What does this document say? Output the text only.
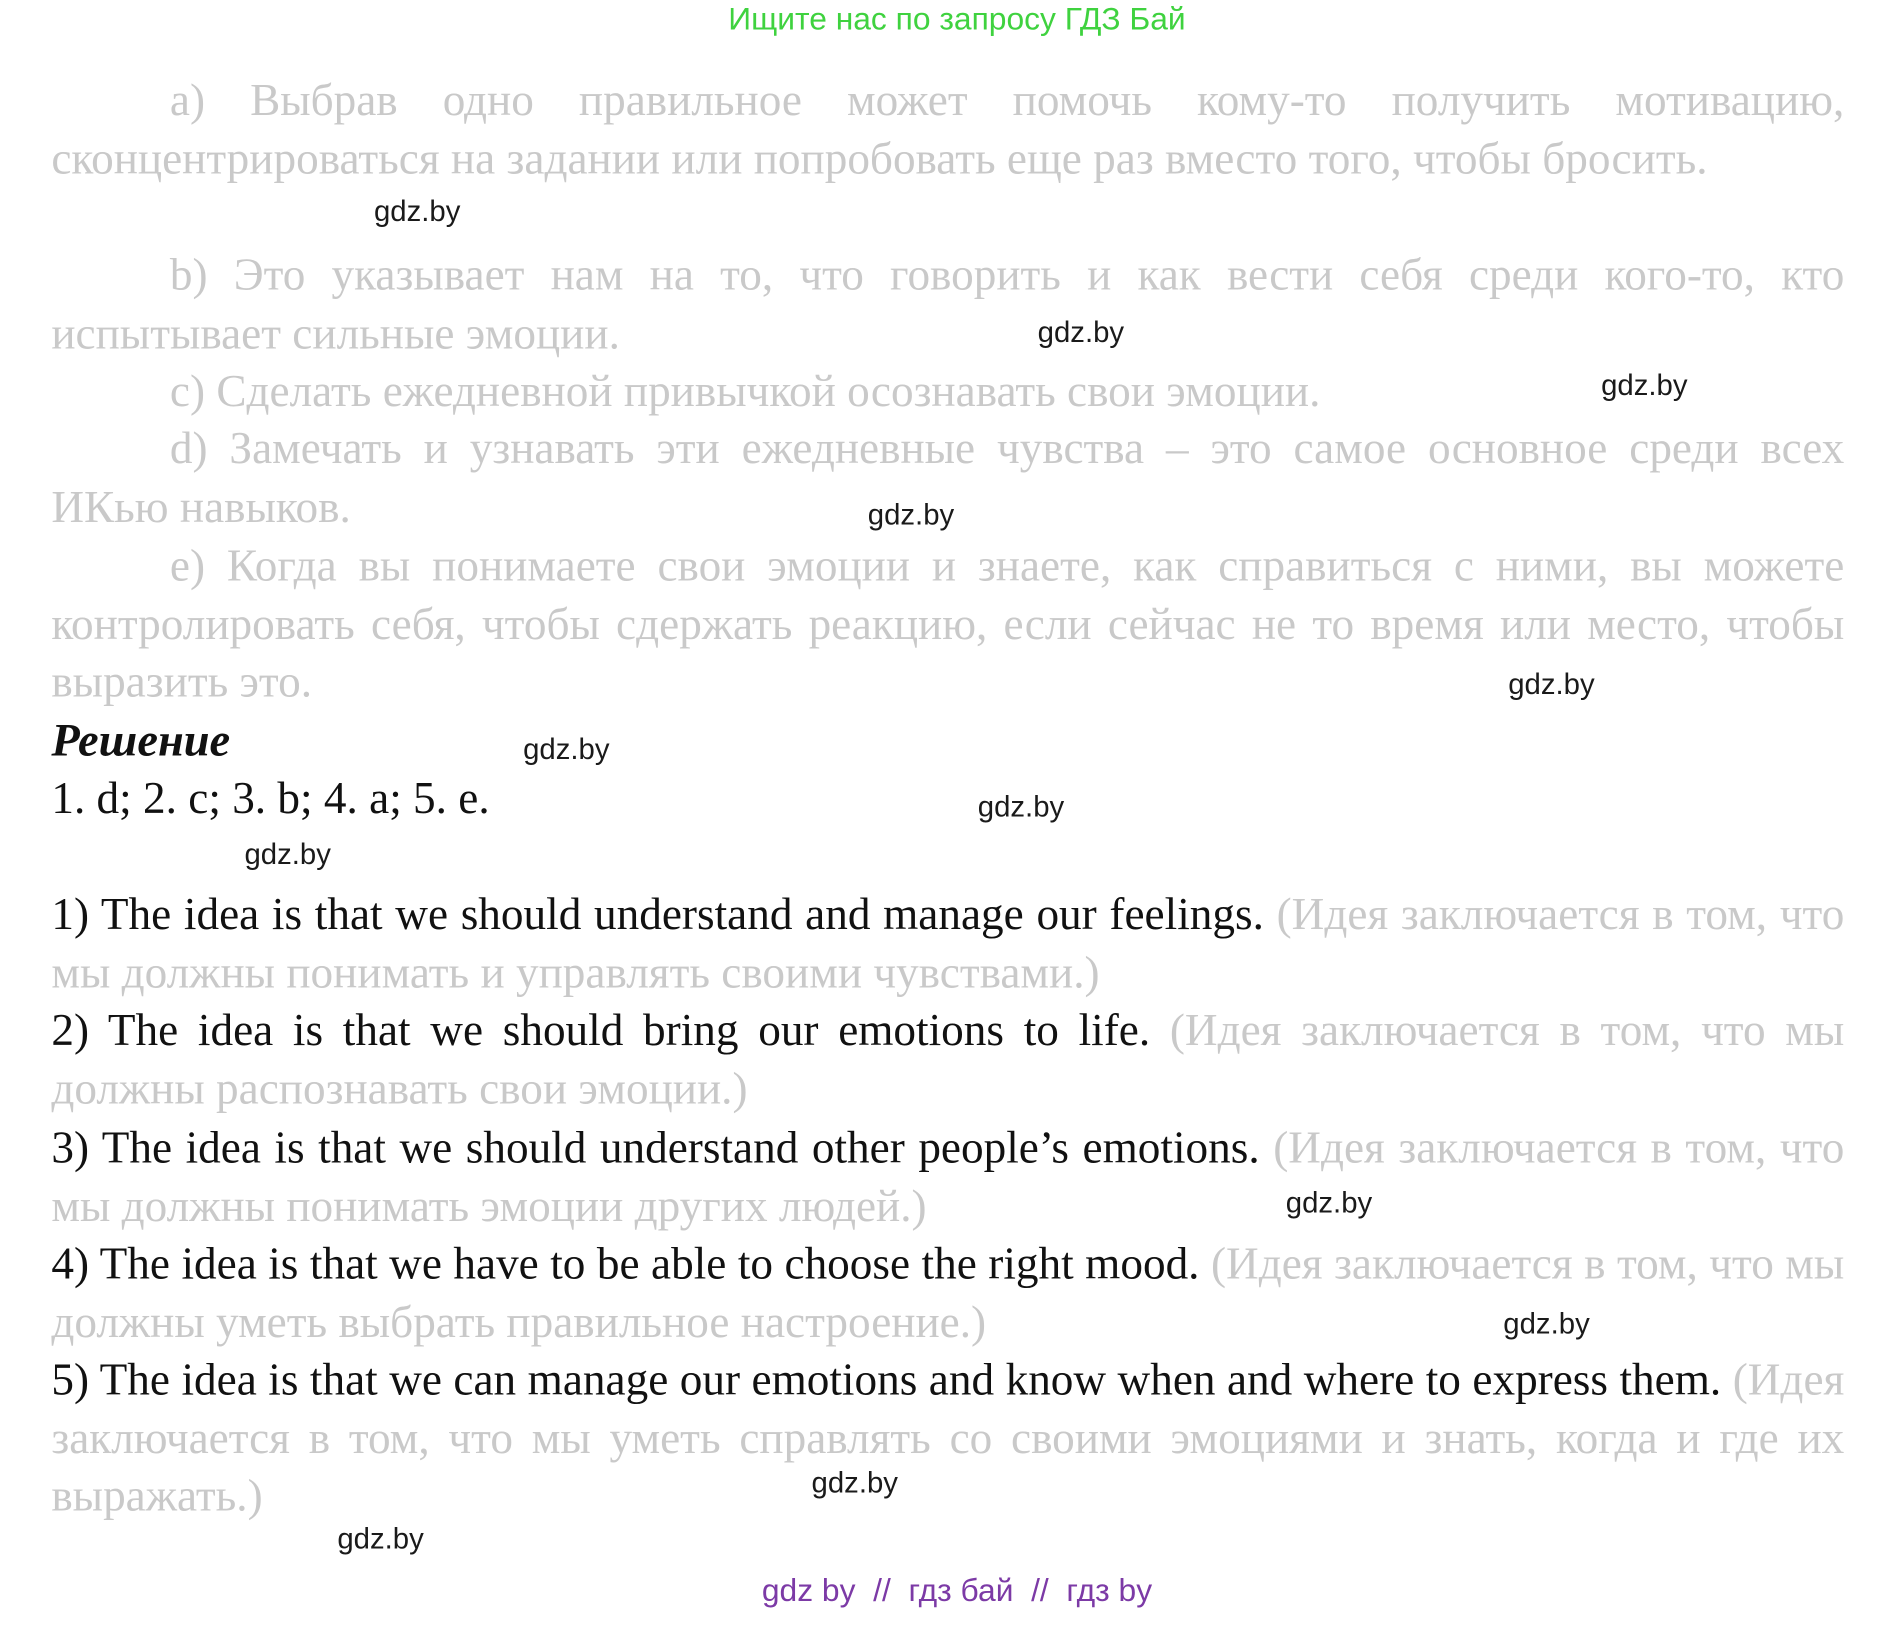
Ищите нас по запросу ГДЗ Бай

a) Выбрав одно правильное может помочь кому-то получить мотивацию, сконцентрироваться на задании или попробовать еще раз вместо того, чтобы бросить.

b) Это указывает нам на то, что говорить и как вести себя среди кого-то, кто испытывает сильные эмоции.

c) Сделать ежедневной привычкой осознавать свои эмоции.

d) Замечать и узнавать эти ежедневные чувства – это самое основное среди всех ИКью навыков.

e) Когда вы понимаете свои эмоции и знаете, как справиться с ними, вы можете контролировать себя, чтобы сдержать реакцию, если сейчас не то время или место, чтобы выразить это.

Решение
1. d; 2. c; 3. b; 4. a; 5. e.

1) The idea is that we should understand and manage our feelings. (Идея заключается в том, что мы должны понимать и управлять своими чувствами.)

2) The idea is that we should bring our emotions to life. (Идея заключается в том, что мы должны распознавать свои эмоции.)

3) The idea is that we should understand other people’s emotions. (Идея заключается в том, что мы должны понимать эмоции других людей.)

4) The idea is that we have to be able to choose the right mood. (Идея заключается в том, что мы должны уметь выбрать правильное настроение.)

5) The idea is that we can manage our emotions and know when and where to express them. (Идея заключается в том, что мы уметь справлять со своими эмоциями и знать, когда и где их выражать.)

gdz.by
gdz.by
gdz.by
gdz.by
gdz.by
gdz.by
gdz.by
gdz.by
gdz.by
gdz.by
gdz.by
gdz.by
gdz by  //  гдз бай  //  гдз by
